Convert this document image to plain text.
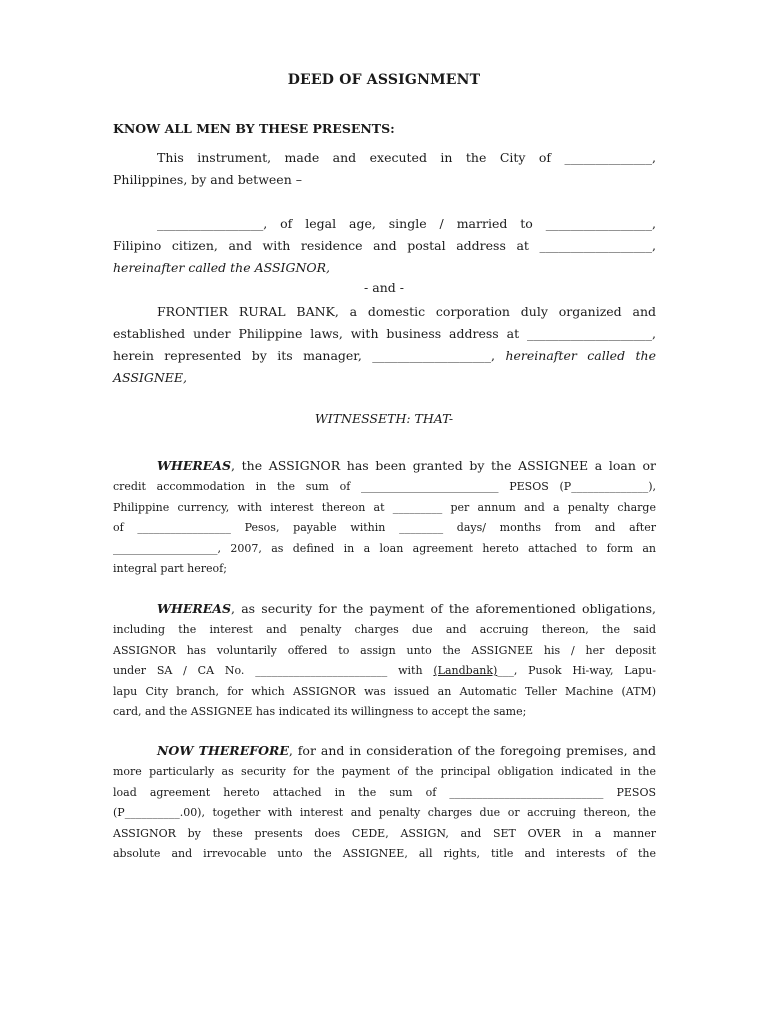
DEED OF ASSIGNMENT
KNOW ALL MEN BY THESE PRESENTS:
This instrument, made and executed in the City of ______________,
Philippines, by and between –
_________________, of legal age, single / married to _________________,
Filipino citizen, and with residence and postal address at __________________,
hereinafter called the ASSIGNOR,
- and -
FRONTIER RURAL BANK, a domestic corporation duly organized and
established under Philippine laws, with business address at ____________________,
herein represented by its manager, ___________________, hereinafter called the
ASSIGNEE,
WITNESSETH: THAT-
WHEREAS, the ASSIGNOR has been granted by the ASSIGNEE a loan or
credit accommodation in the sum of _________________________ PESOS (P______________),
Philippine currency, with interest thereon at _________ per annum and a penalty charge
of _________________ Pesos, payable within ________ days/ months from and after
___________________, 2007, as defined in a loan agreement hereto attached to form an
integral part hereof;
WHEREAS, as security for the payment of the aforementioned obligations,
including the interest and penalty charges due and accruing thereon, the said
ASSIGNOR has voluntarily offered to assign unto the ASSIGNEE his / her deposit
under SA / CA No. ________________________ with (Landbank)___, Pusok Hi-way, Lapu-
lapu City branch, for which ASSIGNOR was issued an Automatic Teller Machine (ATM)
card, and the ASSIGNEE has indicated its willingness to accept the same;
NOW THEREFORE, for and in consideration of the foregoing premises, and
more particularly as security for the payment of the principal obligation indicated in the
load agreement hereto attached in the sum of ____________________________ PESOS
(P__________.00), together with interest and penalty charges due or accruing thereon, the
ASSIGNOR by these presents does CEDE, ASSIGN, and SET OVER in a manner
absolute and irrevocable unto the ASSIGNEE, all rights, title and interests of the
